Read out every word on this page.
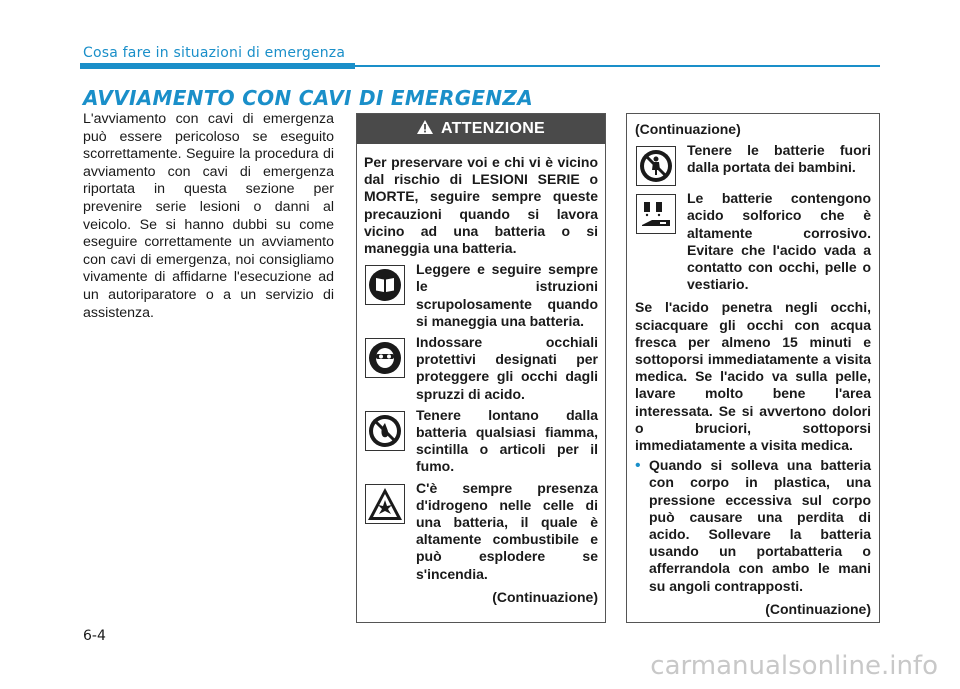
Cosa fare in situazioni di emergenza
AVVIAMENTO CON CAVI DI EMERGENZA
L'avviamento con cavi di emergenza può essere pericoloso se eseguito scorrettamente. Seguire la procedura di avviamento con cavi di emergenza riportata in questa sezione per prevenire serie lesioni o danni al veicolo. Se si hanno dubbi su come eseguire correttamente un avviamento con cavi di emergenza, noi consigliamo vivamente di affidarne l'esecuzione ad un autoriparatore o a un servizio di assistenza.
ATTENZIONE
Per preservare voi e chi vi è vicino dal rischio di LESIONI SERIE o MORTE, seguire sempre queste precauzioni quando si lavora vicino ad una batteria o si maneggia una batteria.
Leggere e seguire sempre le istruzioni scrupolosamente quando si maneggia una batteria.
Indossare occhiali protettivi designati per proteggere gli occhi dagli spruzzi di acido.
Tenere lontano dalla batteria qualsiasi fiamma, scintilla o articoli per il fumo.
C'è sempre presenza d'idrogeno nelle celle di una batteria, il quale è altamente combustibile e può esplodere se s'incendia.
(Continuazione)
(Continuazione)
Tenere le batterie fuori dalla portata dei bambini.
Le batterie contengono acido solforico che è altamente corrosivo. Evitare che l'acido vada a contatto con occhi, pelle o vestiario.
Se l'acido penetra negli occhi, sciacquare gli occhi con acqua fresca per almeno 15 minuti e sottoporsi immediatamente a visita medica. Se l'acido va sulla pelle, lavare molto bene l'area interessata. Se si avvertono dolori o bruciori, sottoporsi immediatamente a visita medica.
• Quando si solleva una batteria con corpo in plastica, una pressione eccessiva sul corpo può causare una perdita di acido. Sollevare la batteria usando un portabatteria o afferrandola con ambo le mani su angoli contrapposti.
(Continuazione)
6-4
carmanualsonline.info
